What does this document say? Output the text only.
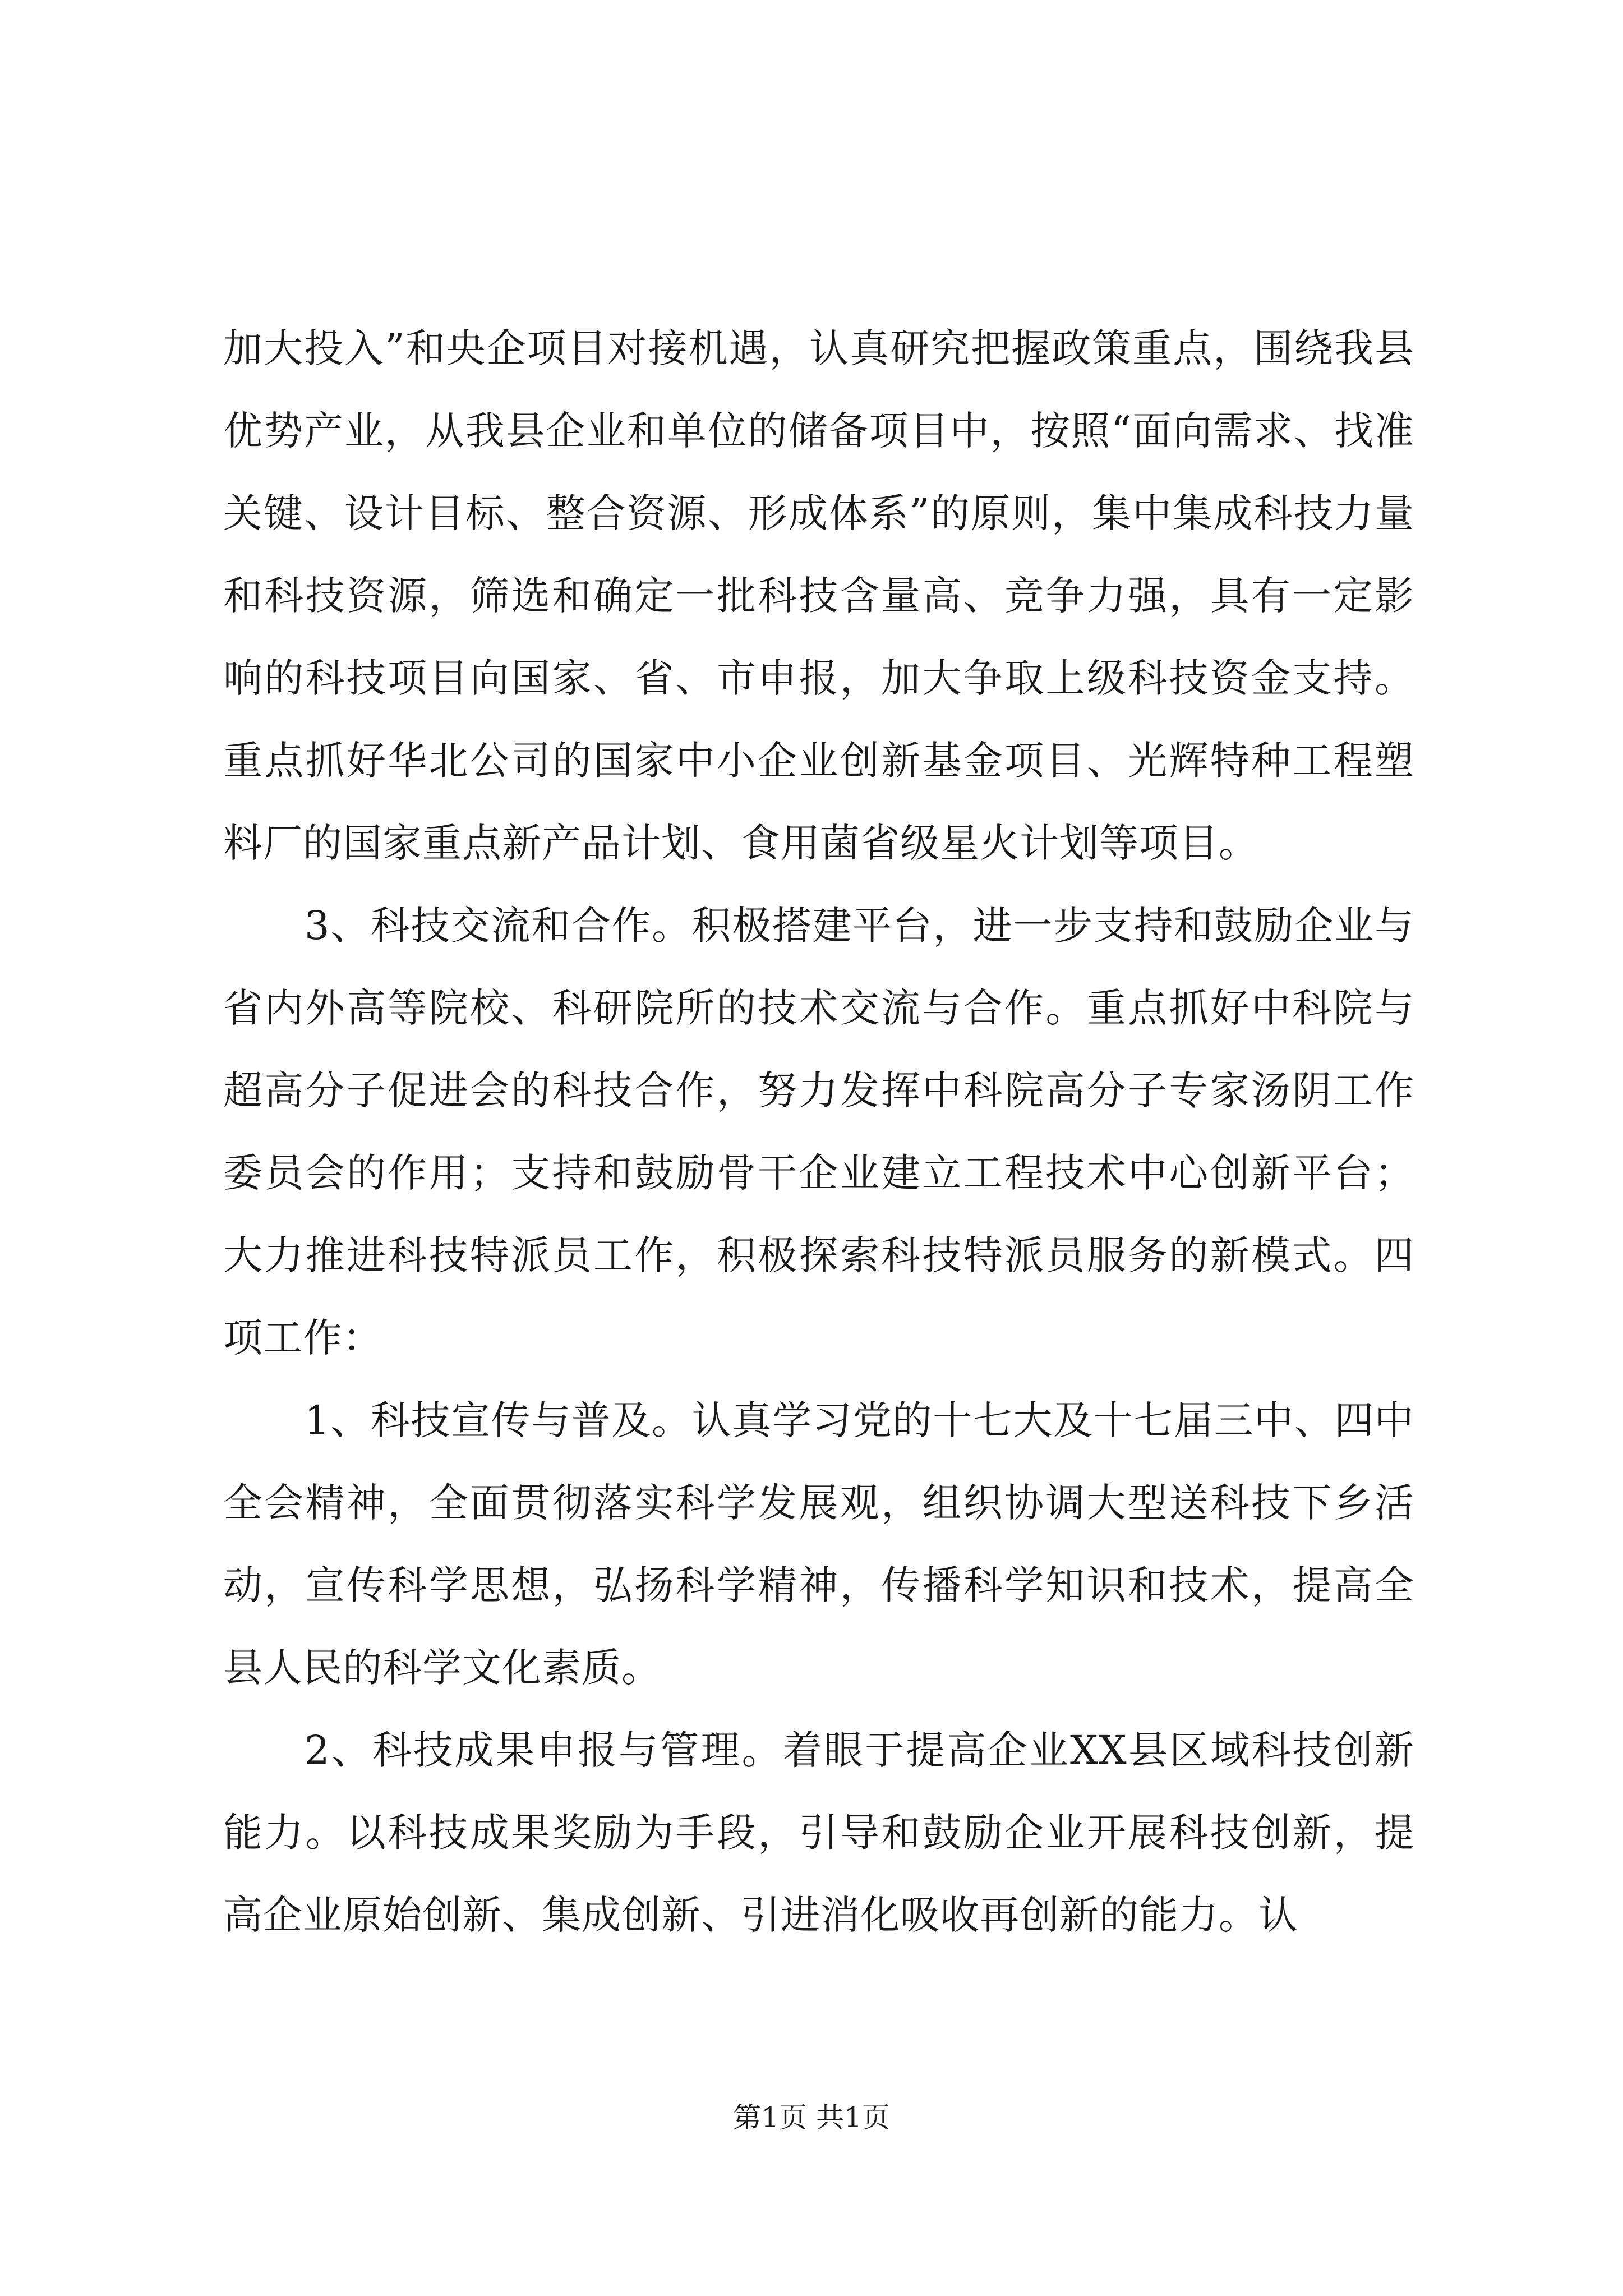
加大投入”和央企项目对接机遇，认真研究把握政策重点，围绕我县优势产业，从我县企业和单位的储备项目中，按照“面向需求、找准关键、设计目标、整合资源、形成体系”的原则，集中集成科技力量和科技资源，筛选和确定一批科技含量高、竞争力强，具有一定影响的科技项目向国家、省、市申报，加大争取上级科技资金支持。重点抓好华北公司的国家中小企业创新基金项目、光辉特种工程塑料厂的国家重点新产品计划、食用菌省级星火计划等项目。

3、科技交流和合作。积极搭建平台，进一步支持和鼓励企业与省内外高等院校、科研院所的技术交流与合作。重点抓好中科院与超高分子促进会的科技合作，努力发挥中科院高分子专家汤阴工作委员会的作用；支持和鼓励骨干企业建立工程技术中心创新平台；大力推进科技特派员工作，积极探索科技特派员服务的新模式。四项工作：

1、科技宣传与普及。认真学习党的十七大及十七届三中、四中全会精神，全面贯彻落实科学发展观，组织协调大型送科技下乡活动，宣传科学思想，弘扬科学精神，传播科学知识和技术，提高全县人民的科学文化素质。

2、科技成果申报与管理。着眼于提高企业XX县区域科技创新能力。以科技成果奖励为手段，引导和鼓励企业开展科技创新，提高企业原始创新、集成创新、引进消化吸收再创新的能力。认

第1页 共1页
